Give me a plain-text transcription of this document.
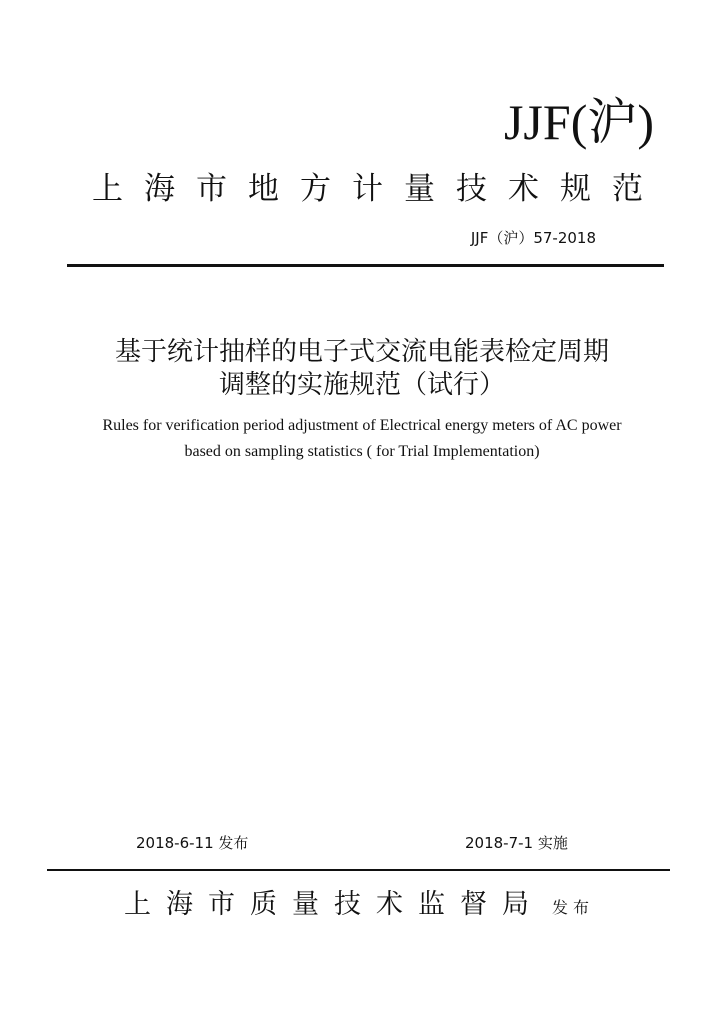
JJF(沪)
上海市地方计量技术规范
JJF（沪）57-2018
基于统计抽样的电子式交流电能表检定周期
调整的实施规范（试行）
Rules for verification period adjustment of Electrical energy meters of AC power
based on sampling statistics ( for Trial Implementation)
2018-6-11 发布	2018-7-1 实施
上海市质量技术监督局 发布
